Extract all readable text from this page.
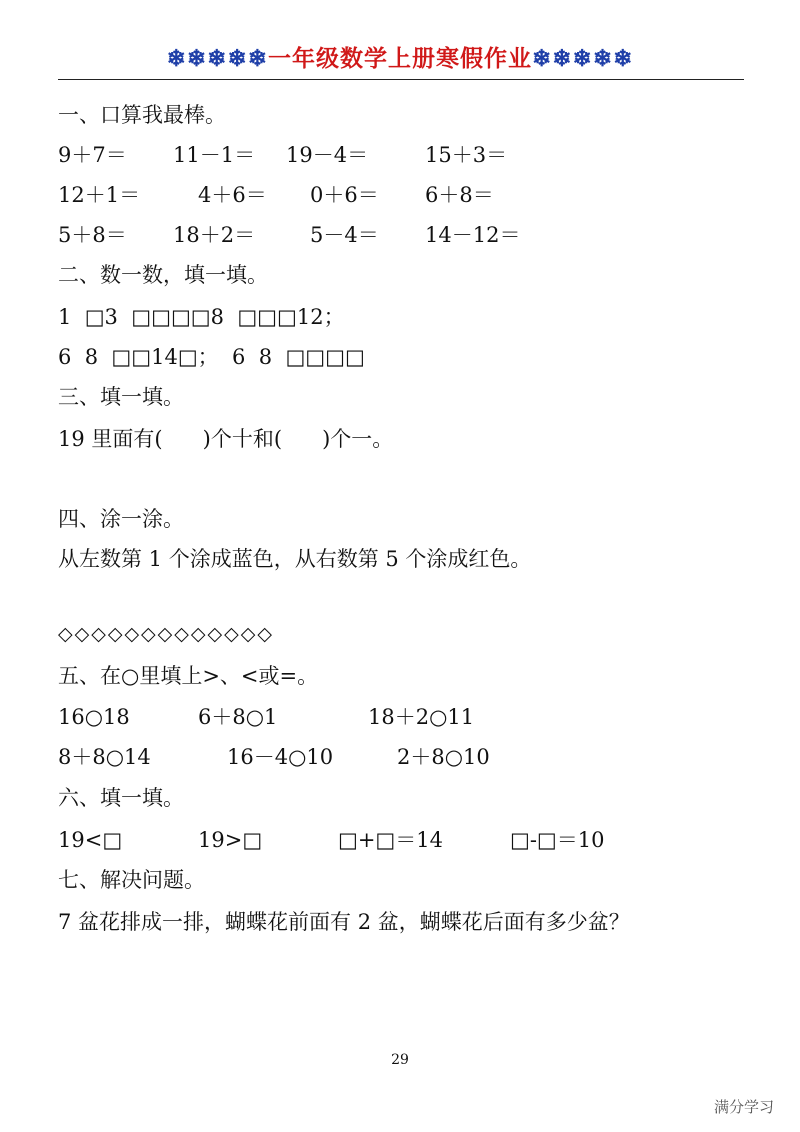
❄❄❄❄❄一年级数学上册寒假作业❄❄❄❄❄
一、口算我最棒。
9＋7＝ 11－1＝ 19－4＝	15＋3＝
12＋1＝	4＋6＝ 0＋6＝ 6＋8＝
5＋8＝ 18＋2＝	5－4＝ 14－12＝
二、数一数，填一填。
1  □3  □□□□8  □□□12；
6  8  □□14□；  6  8  □□□□
三、填一填。
19 里面有(      )个十和(      )个一。
四、涂一涂。
从左数第 1 个涂成蓝色，从右数第 5 个涂成红色。
◇◇◇◇◇◇◇◇◇◇◇◇◇
五、在○里填上>、<或=。
16○18	6＋8○1	18＋2○11
8＋8○14	16－4○10	2＋8○10
六、填一填。
19<□	19>□	□+□＝14	□-□＝10
七、解决问题。
7 盆花排成一排，蝴蝶花前面有 2 盆，蝴蝶花后面有多少盆？
29
满分学习
